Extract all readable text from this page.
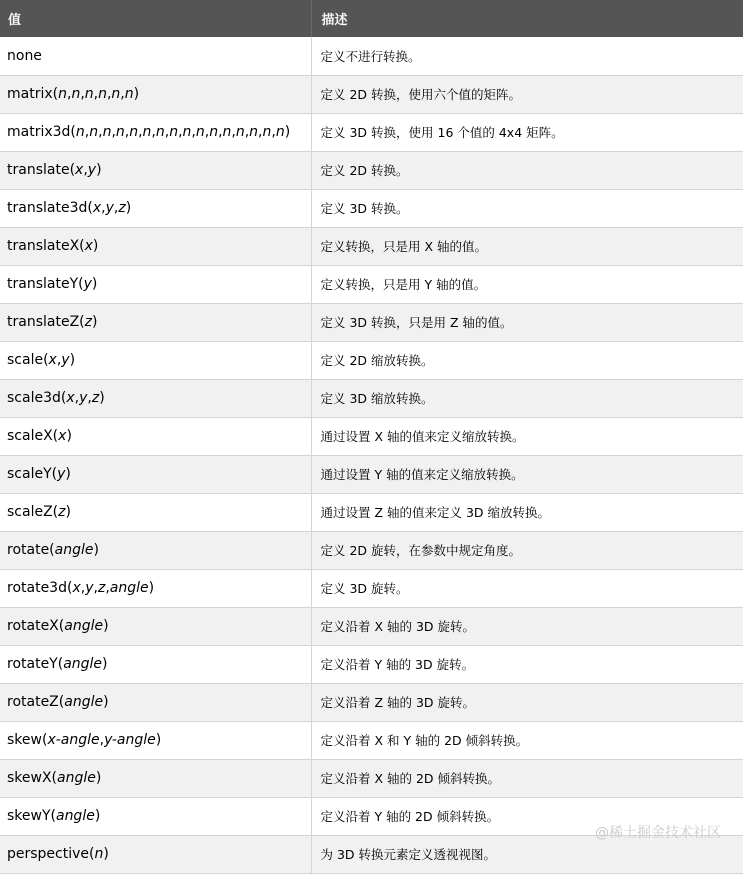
值	描述
none	定义不进行转换。
matrix(n,n,n,n,n,n)	定义 2D 转换，使用六个值的矩阵。
matrix3d(n,n,n,n,n,n,n,n,n,n,n,n,n,n,n,n)	定义 3D 转换，使用 16 个值的 4x4 矩阵。
translate(x,y)	定义 2D 转换。
translate3d(x,y,z)	定义 3D 转换。
translateX(x)	定义转换，只是用 X 轴的值。
translateY(y)	定义转换，只是用 Y 轴的值。
translateZ(z)	定义 3D 转换，只是用 Z 轴的值。
scale(x,y)	定义 2D 缩放转换。
scale3d(x,y,z)	定义 3D 缩放转换。
scaleX(x)	通过设置 X 轴的值来定义缩放转换。
scaleY(y)	通过设置 Y 轴的值来定义缩放转换。
scaleZ(z)	通过设置 Z 轴的值来定义 3D 缩放转换。
rotate(angle)	定义 2D 旋转，在参数中规定角度。
rotate3d(x,y,z,angle)	定义 3D 旋转。
rotateX(angle)	定义沿着 X 轴的 3D 旋转。
rotateY(angle)	定义沿着 Y 轴的 3D 旋转。
rotateZ(angle)	定义沿着 Z 轴的 3D 旋转。
skew(x-angle,y-angle)	定义沿着 X 和 Y 轴的 2D 倾斜转换。
skewX(angle)	定义沿着 X 轴的 2D 倾斜转换。
skewY(angle)	定义沿着 Y 轴的 2D 倾斜转换。
perspective(n)	为 3D 转换元素定义透视视图。
@稀土掘金技术社区
